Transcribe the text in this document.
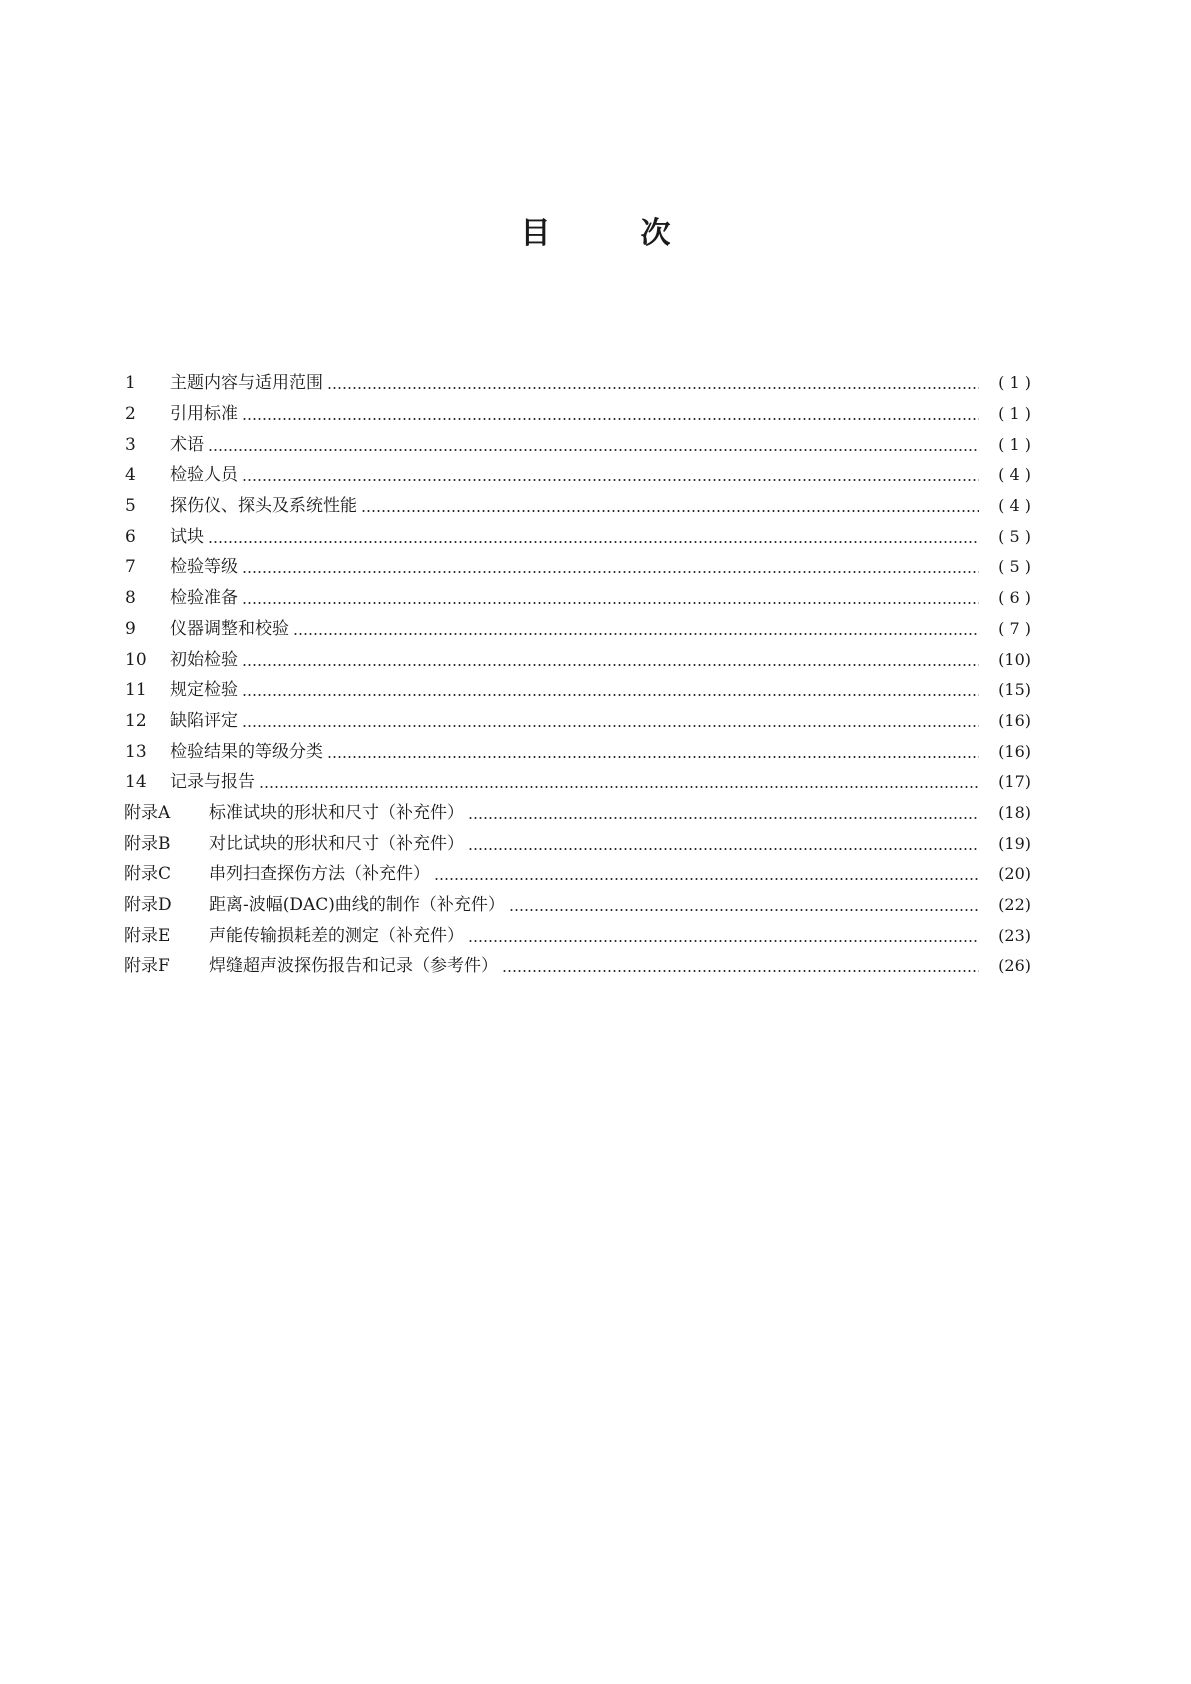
目次
1	主题内容与适用范围	( 1 )
2	引用标准	( 1 )
3	术语	( 1 )
4	检验人员	( 4 )
5	探伤仪、探头及系统性能	( 4 )
6	试块	( 5 )
7	检验等级	( 5 )
8	检验准备	( 6 )
9	仪器调整和校验	( 7 )
10	初始检验	(10)
11	规定检验	(15)
12	缺陷评定	(16)
13	检验结果的等级分类	(16)
14	记录与报告	(17)
附录A	标准试块的形状和尺寸（补充件）	(18)
附录B	对比试块的形状和尺寸（补充件）	(19)
附录C	串列扫查探伤方法（补充件）	(20)
附录D	距离-波幅(DAC)曲线的制作（补充件）	(22)
附录E	声能传输损耗差的测定（补充件）	(23)
附录F	焊缝超声波探伤报告和记录（参考件）	(26)
